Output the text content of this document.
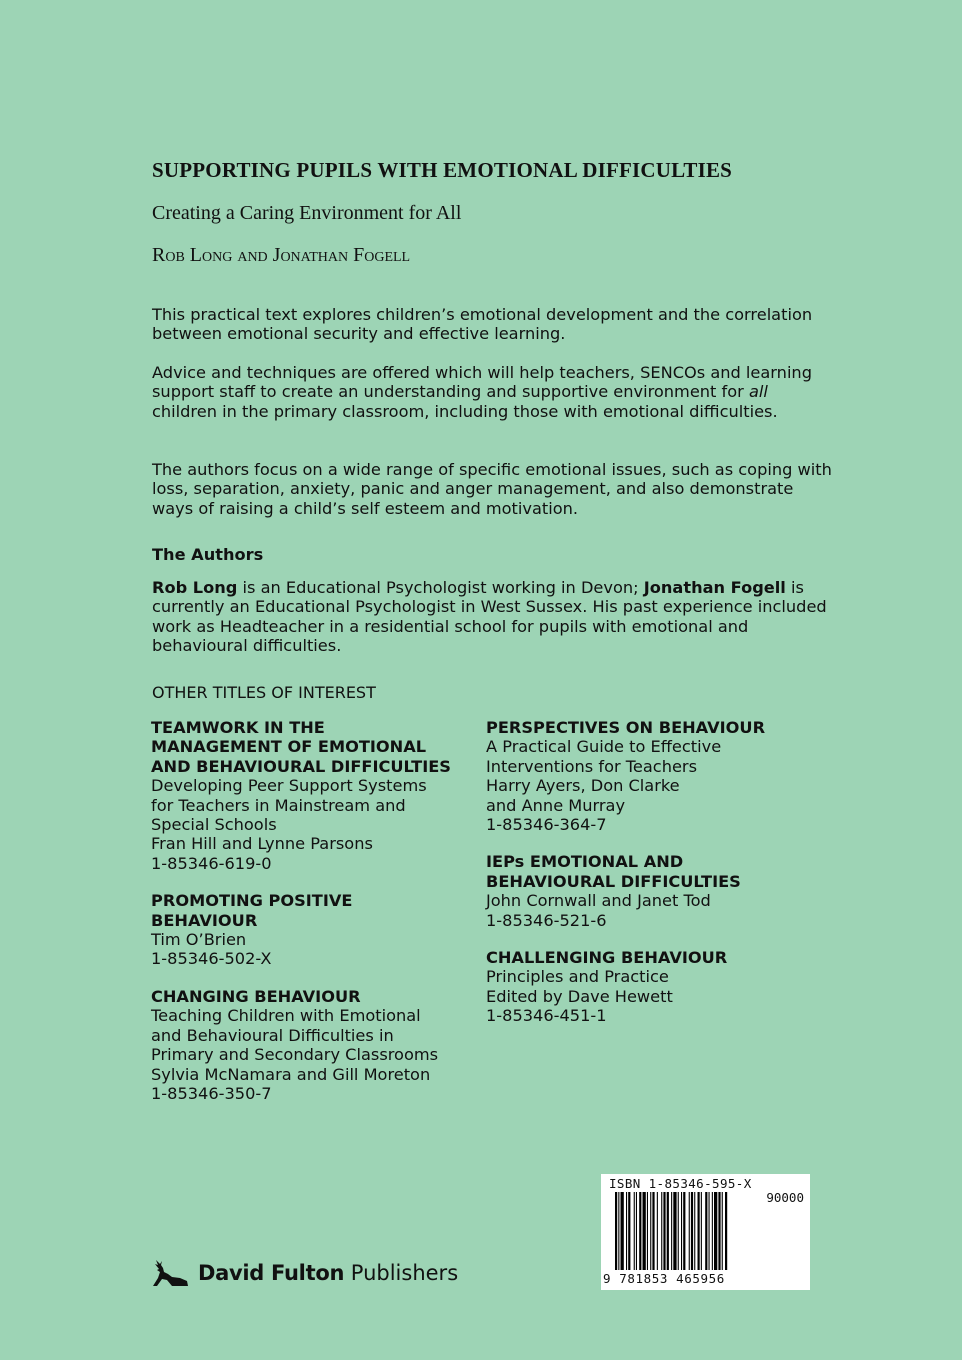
SUPPORTING PUPILS WITH EMOTIONAL DIFFICULTIES
Creating a Caring Environment for All
Rob Long and Jonathan Fogell

This practical text explores children’s emotional development and the correlation between emotional security and effective learning.

Advice and techniques are offered which will help teachers, SENCOs and learning support staff to create an understanding and supportive environment for all children in the primary classroom, including those with emotional difficulties.

The authors focus on a wide range of specific emotional issues, such as coping with loss, separation, anxiety, panic and anger management, and also demonstrate ways of raising a child’s self esteem and motivation.

The Authors

Rob Long is an Educational Psychologist working in Devon; Jonathan Fogell is currently an Educational Psychologist in West Sussex. His past experience included work as Headteacher in a residential school for pupils with emotional and behavioural difficulties.

OTHER TITLES OF INTEREST
TEAMWORK IN THE
MANAGEMENT OF EMOTIONAL
AND BEHAVIOURAL DIFFICULTIES
Developing Peer Support Systems
for Teachers in Mainstream and
Special Schools
Fran Hill and Lynne Parsons
1-85346-619-0
PROMOTING POSITIVE
BEHAVIOUR
Tim O’Brien
1-85346-502-X
CHANGING BEHAVIOUR
Teaching Children with Emotional
and Behavioural Difficulties in
Primary and Secondary Classrooms
Sylvia McNamara and Gill Moreton
1-85346-350-7
PERSPECTIVES ON BEHAVIOUR
A Practical Guide to Effective
Interventions for Teachers
Harry Ayers, Don Clarke
and Anne Murray
1-85346-364-7
IEPs EMOTIONAL AND
BEHAVIOURAL DIFFICULTIES
John Cornwall and Janet Tod
1-85346-521-6
CHALLENGING BEHAVIOUR
Principles and Practice
Edited by Dave Hewett
1-85346-451-1
ISBN 1-85346-595-X
90000
9 781853 465956
David Fulton Publishers
